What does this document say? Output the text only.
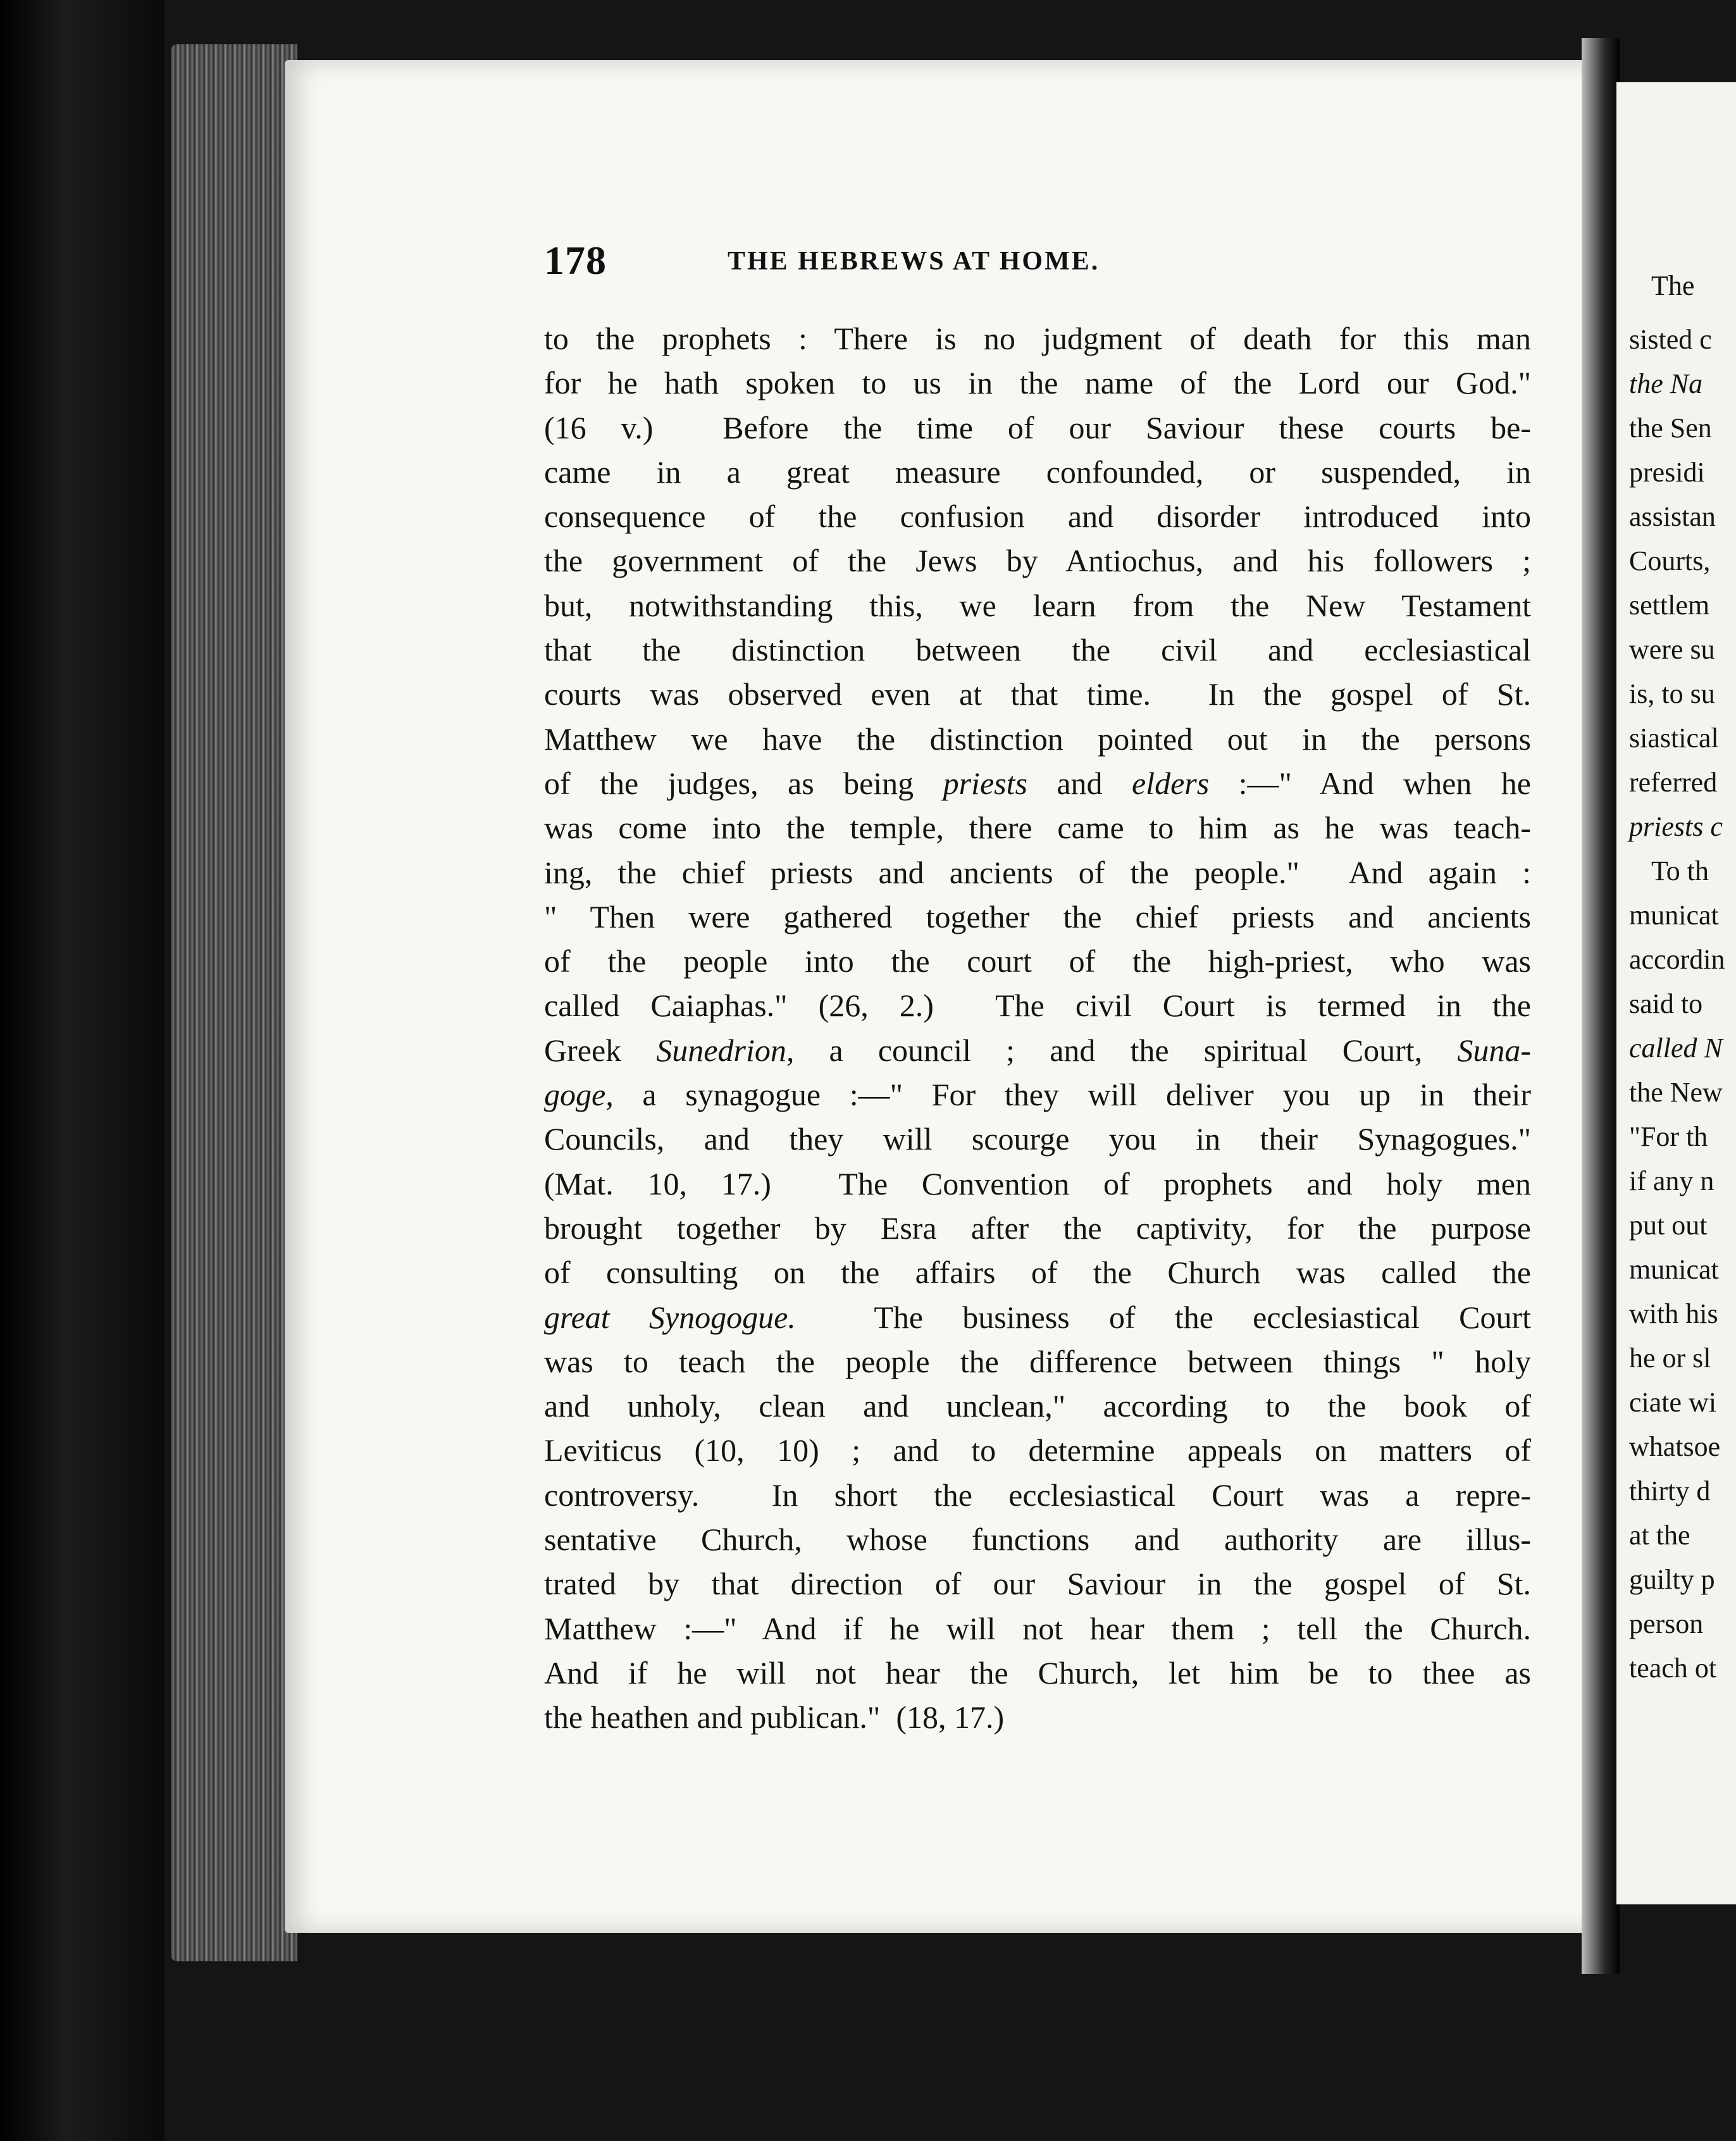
178	THE HEBREWS AT HOME.
to the prophets : There is no judgment of death for this man
for he hath spoken to us in the name of the Lord our God."
(16 v.)  Before the time of our Saviour these courts be-
came in a great measure confounded, or suspended, in
consequence of the confusion and disorder introduced into
the government of the Jews by Antiochus, and his followers ;
but, notwithstanding this, we learn from the New Testament
that the distinction between the civil and ecclesiastical
courts was observed even at that time.  In the gospel of St.
Matthew we have the distinction pointed out in the persons
of the judges, as being priests and elders :—" And when he
was come into the temple, there came to him as he was teach-
ing, the chief priests and ancients of the people."  And again :
" Then were gathered together the chief priests and ancients
of the people into the court of the high-priest, who was
called Caiaphas." (26, 2.)  The civil Court is termed in the
Greek Sunedrion, a council ; and the spiritual Court, Suna-
goge, a synagogue :—" For they will deliver you up in their
Councils, and they will scourge you in their Synagogues."
(Mat. 10, 17.)  The Convention of prophets and holy men
brought together by Esra after the captivity, for the purpose
of consulting on the affairs of the Church was called the
great Synogogue.  The business of the ecclesiastical Court
was to teach the people the difference between things " holy
and unholy, clean and unclean," according to the book of
Leviticus (10, 10) ; and to determine appeals on matters of
controversy.  In short the ecclesiastical Court was a repre-
sentative Church, whose functions and authority are illus-
trated by that direction of our Saviour in the gospel of St.
Matthew :—" And if he will not hear them ; tell the Church.
And if he will not hear the Church, let him be to thee as
the heathen and publican."  (18, 17.)
The
sisted c
the Na
the Sen
presidi
assistan
Courts,
settlem
were su
is, to su
siastical
referred
priests c
To th
municat
accordin
said to
called N
the New
"For th
if any n
put out
municat
with his
he or sl
ciate wi
whatsoe
thirty d
at the
guilty p
person
teach ot
